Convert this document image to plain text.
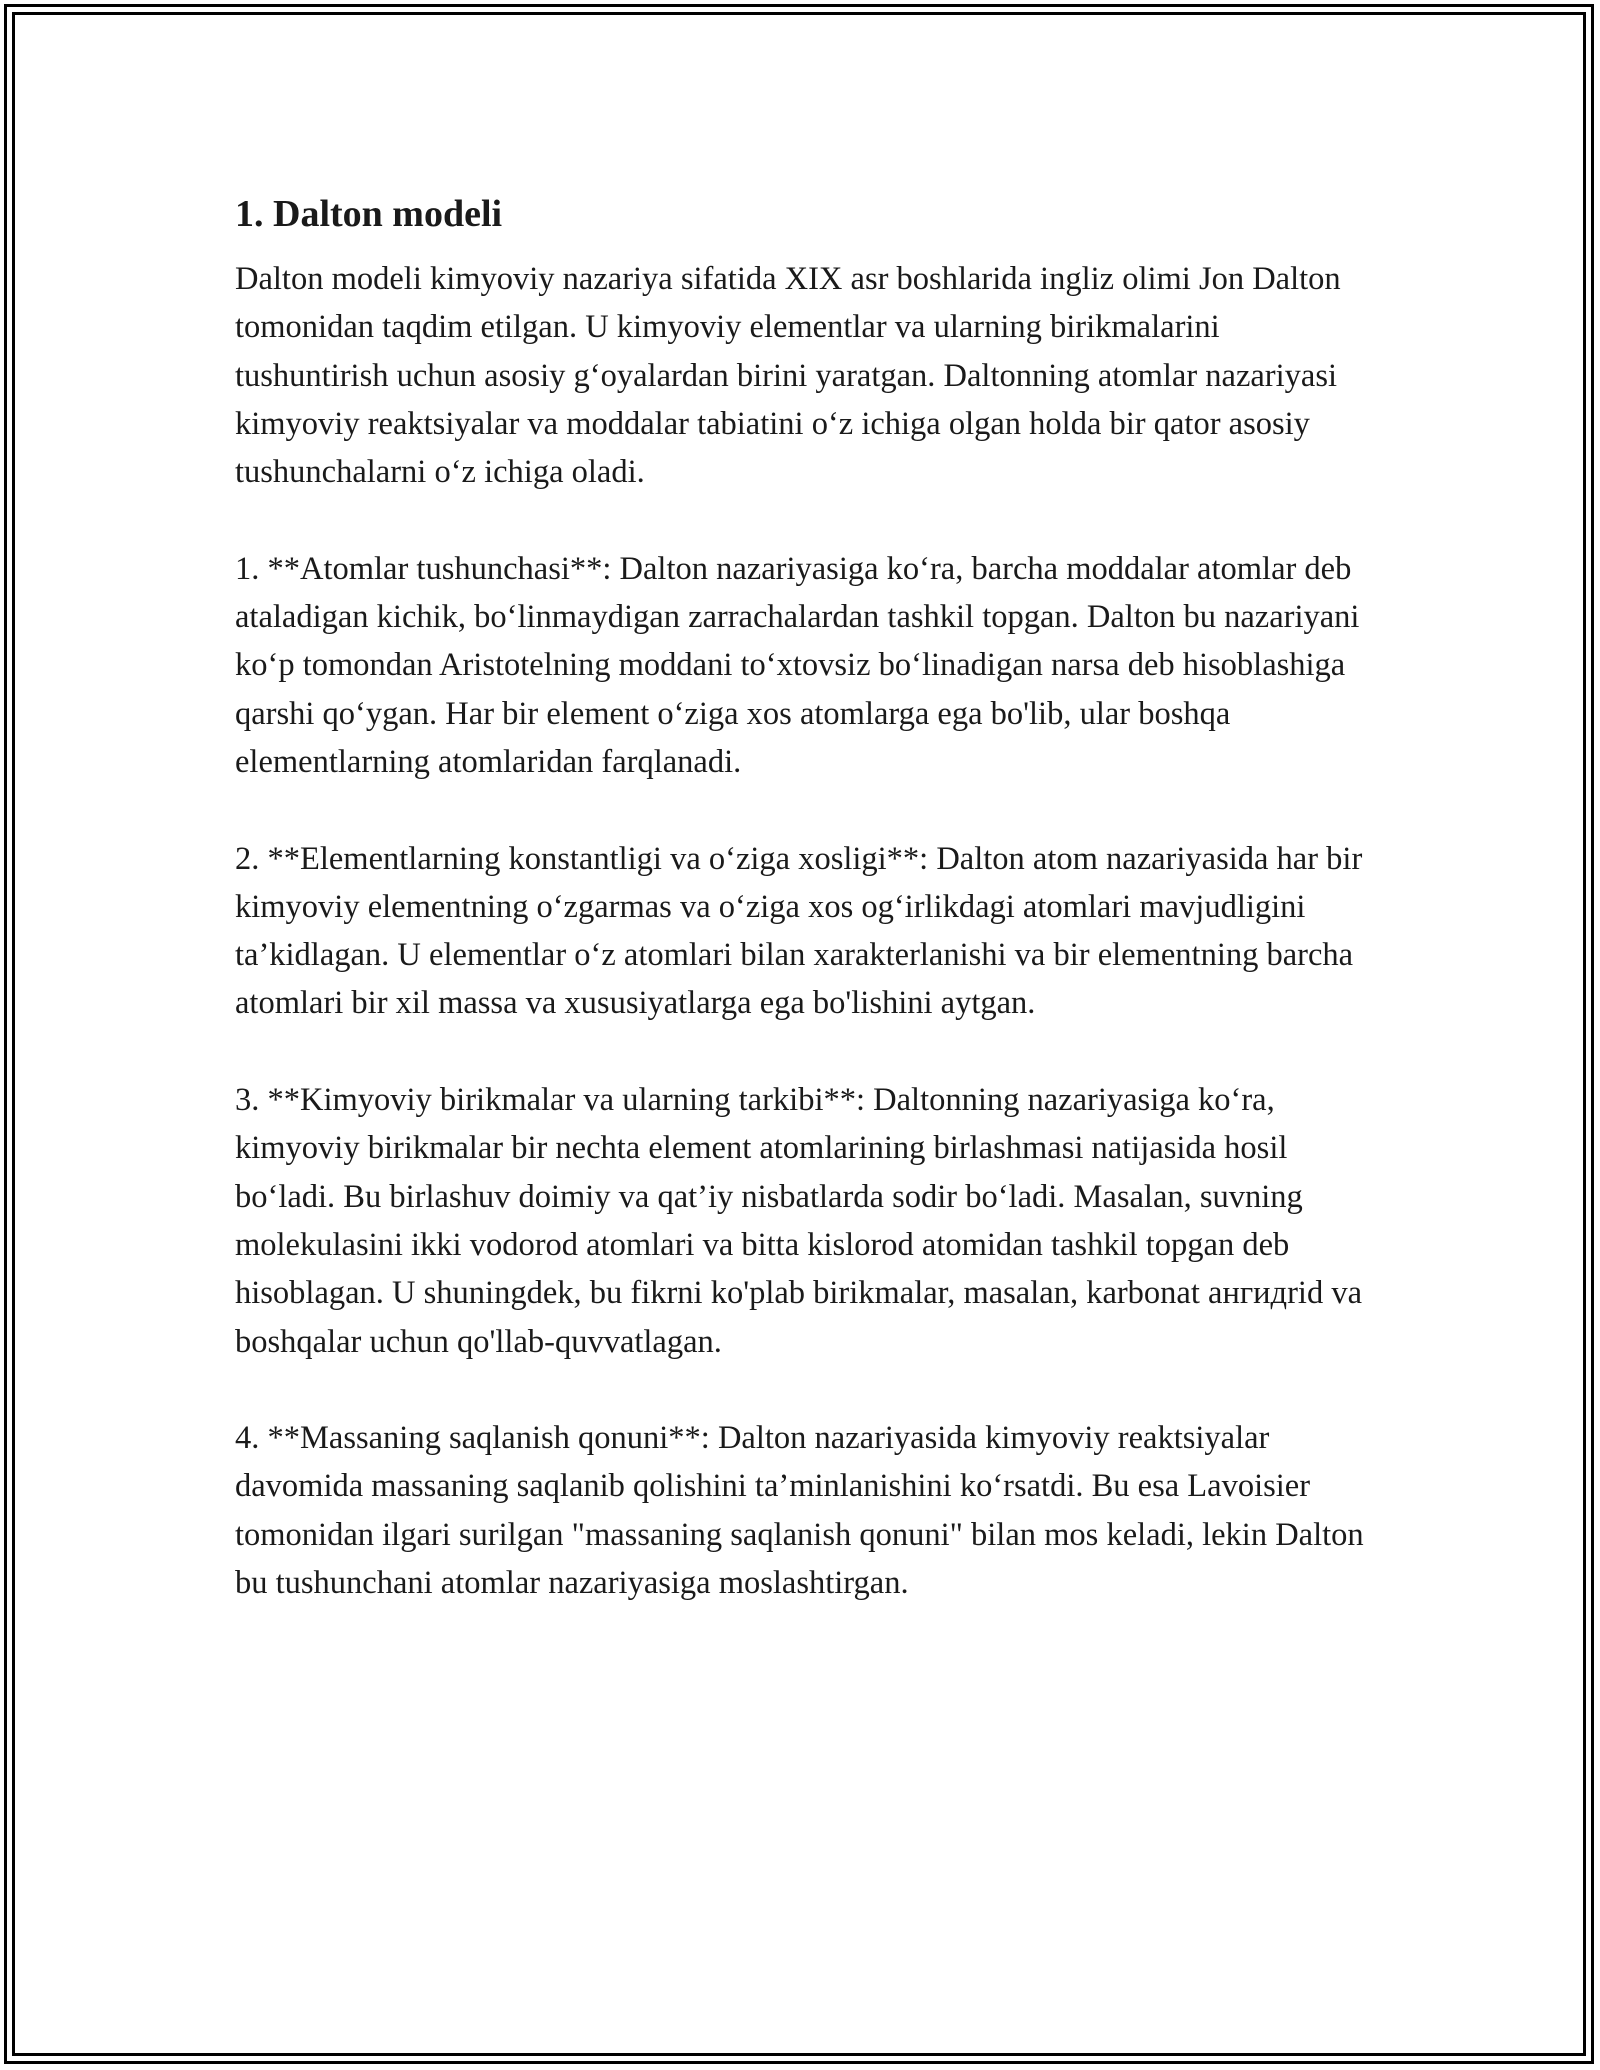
1. Dalton modeli

Dalton modeli kimyoviy nazariya sifatida XIX asr boshlarida ingliz olimi Jon Dalton tomonidan taqdim etilgan. U kimyoviy elementlar va ularning birikmalarini tushuntirish uchun asosiy g‘oyalardan birini yaratgan. Daltonning atomlar nazariyasi kimyoviy reaktsiyalar va moddalar tabiatini o‘z ichiga olgan holda bir qator asosiy tushunchalarni o‘z ichiga oladi.

1. **Atomlar tushunchasi**: Dalton nazariyasiga ko‘ra, barcha moddalar atomlar deb ataladigan kichik, bo‘linmaydigan zarrachalardan tashkil topgan. Dalton bu nazariyani ko‘p tomondan Aristotelning moddani to‘xtovsiz bo‘linadigan narsa deb hisoblashiga qarshi qo‘ygan. Har bir element o‘ziga xos atomlarga ega bo'lib, ular boshqa elementlarning atomlaridan farqlanadi.

2. **Elementlarning konstantligi va o‘ziga xosligi**: Dalton atom nazariyasida har bir kimyoviy elementning o‘zgarmas va o‘ziga xos og‘irlikdagi atomlari mavjudligini ta’kidlagan. U elementlar o‘z atomlari bilan xarakterlanishi va bir elementning barcha atomlari bir xil massa va xususiyatlarga ega bo'lishini aytgan.

3. **Kimyoviy birikmalar va ularning tarkibi**: Daltonning nazariyasiga ko‘ra, kimyoviy birikmalar bir nechta element atomlarining birlashmasi natijasida hosil bo‘ladi. Bu birlashuv doimiy va qat’iy nisbatlarda sodir bo‘ladi. Masalan, suvning molekulasini ikki vodorod atomlari va bitta kislorod atomidan tashkil topgan deb hisoblagan. U shuningdek, bu fikrni ko'plab birikmalar, masalan, karbonat ангидrid va boshqalar uchun qo'llab-quvvatlagan.

4. **Massaning saqlanish qonuni**: Dalton nazariyasida kimyoviy reaktsiyalar davomida massaning saqlanib qolishini ta’minlanishini ko‘rsatdi. Bu esa Lavoisier tomonidan ilgari surilgan "massaning saqlanish qonuni" bilan mos keladi, lekin Dalton bu tushunchani atomlar nazariyasiga moslashtirgan.
